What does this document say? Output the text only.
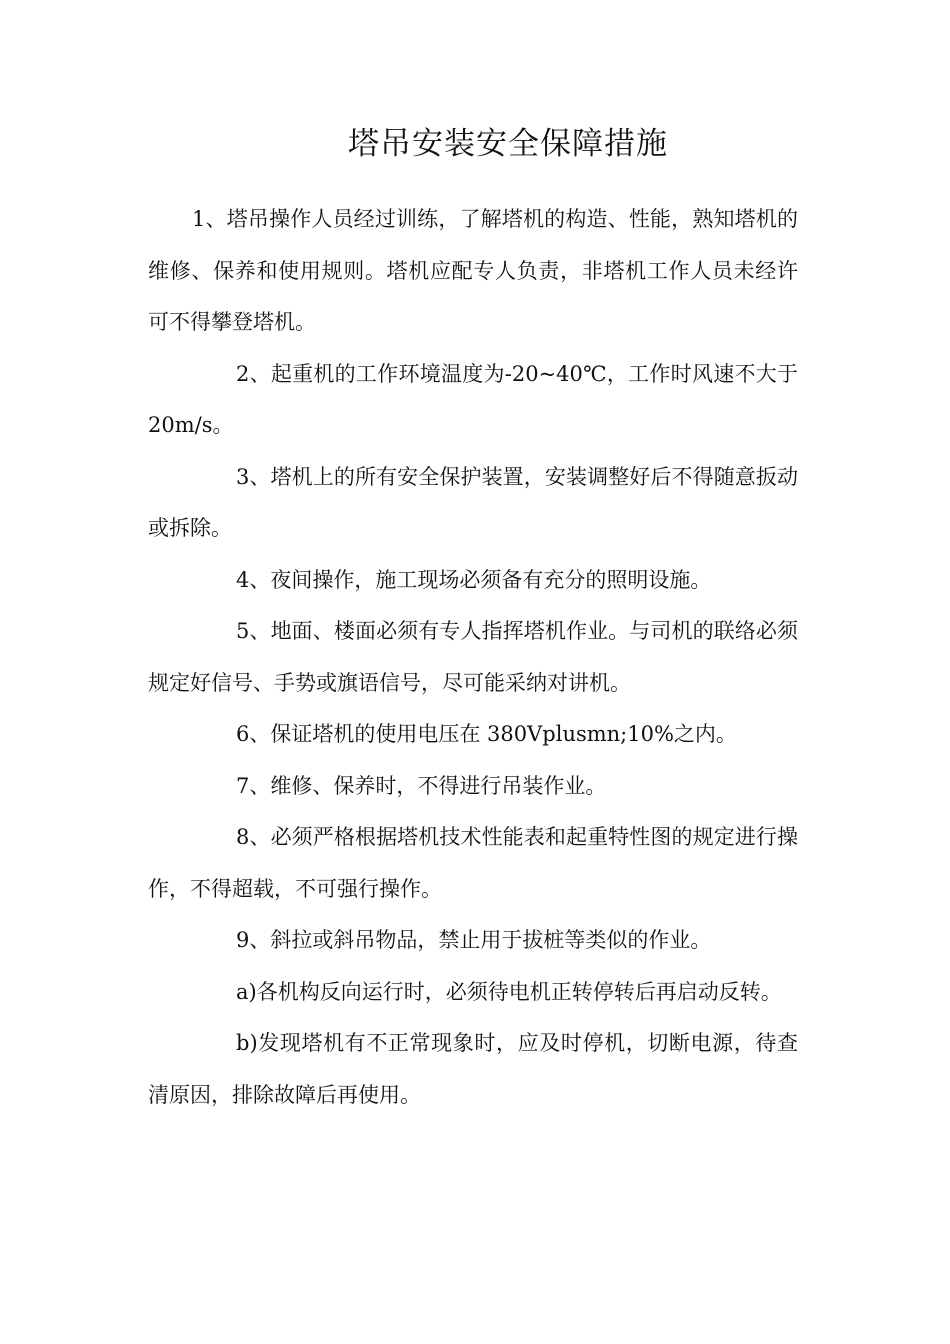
塔吊安装安全保障措施

1、塔吊操作人员经过训练，了解塔机的构造、性能，熟知塔机的维修、保养和使用规则。塔机应配专人负责，非塔机工作人员未经许可不得攀登塔机。

2、起重机的工作环境温度为-20~40℃，工作时风速不大于 20m/s。

3、塔机上的所有安全保护装置，安装调整好后不得随意扳动或拆除。

4、夜间操作，施工现场必须备有充分的照明设施。

5、地面、楼面必须有专人指挥塔机作业。与司机的联络必须规定好信号、手势或旗语信号，尽可能采纳对讲机。

6、保证塔机的使用电压在 380Vplusmn;10%之内。

7、维修、保养时，不得进行吊装作业。

8、必须严格根据塔机技术性能表和起重特性图的规定进行操作，不得超载，不可强行操作。

9、斜拉或斜吊物品，禁止用于拔桩等类似的作业。

a)各机构反向运行时，必须待电机正转停转后再启动反转。

b)发现塔机有不正常现象时，应及时停机，切断电源，待查清原因，排除故障后再使用。
